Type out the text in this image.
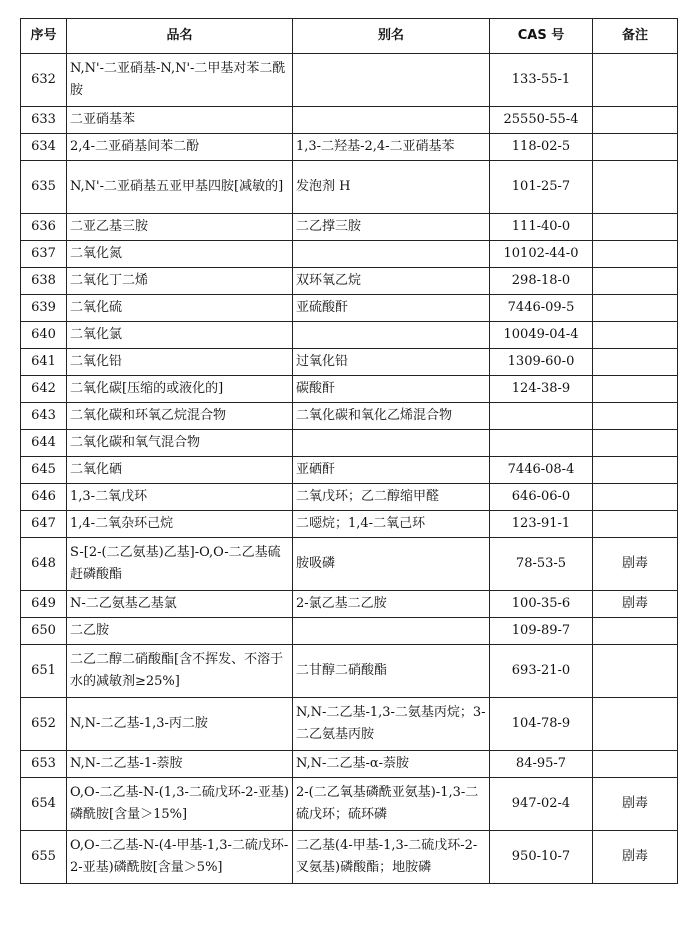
序号	品名	别名	CAS 号	备注
632	N,N'-二亚硝基-N,N'-二甲基对苯二酰胺		133-55-1	
633	二亚硝基苯		25550-55-4	
634	2,4-二亚硝基间苯二酚	1,3-二羟基-2,4-二亚硝基苯	118-02-5	
635	N,N'-二亚硝基五亚甲基四胺[减敏的]	发泡剂 H	101-25-7	
636	二亚乙基三胺	二乙撑三胺	111-40-0	
637	二氧化氮		10102-44-0	
638	二氧化丁二烯	双环氧乙烷	298-18-0	
639	二氧化硫	亚硫酸酐	7446-09-5	
640	二氧化氯		10049-04-4	
641	二氧化铅	过氧化铅	1309-60-0	
642	二氧化碳[压缩的或液化的]	碳酸酐	124-38-9	
643	二氧化碳和环氧乙烷混合物	二氧化碳和氧化乙烯混合物		
644	二氧化碳和氧气混合物			
645	二氧化硒	亚硒酐	7446-08-4	
646	1,3-二氧戊环	二氧戊环；乙二醇缩甲醛	646-06-0	
647	1,4-二氧杂环己烷	二噁烷；1,4-二氧己环	123-91-1	
648	S-[2-(二乙氨基)乙基]-O,O-二乙基硫赶磷酸酯	胺吸磷	78-53-5	剧毒
649	N-二乙氨基乙基氯	2-氯乙基二乙胺	100-35-6	剧毒
650	二乙胺		109-89-7	
651	二乙二醇二硝酸酯[含不挥发、不溶于水的减敏剂≥25%]	二甘醇二硝酸酯	693-21-0	
652	N,N-二乙基-1,3-丙二胺	N,N-二乙基-1,3-二氨基丙烷；3-二乙氨基丙胺	104-78-9	
653	N,N-二乙基-1-萘胺	N,N-二乙基-α-萘胺	84-95-7	
654	O,O-二乙基-N-(1,3-二硫戊环-2-亚基)磷酰胺[含量＞15%]	2-(二乙氧基磷酰亚氨基)-1,3-二硫戊环；硫环磷	947-02-4	剧毒
655	O,O-二乙基-N-(4-甲基-1,3-二硫戊环-2-亚基)磷酰胺[含量＞5%]	二乙基(4-甲基-1,3-二硫戊环-2-叉氨基)磷酸酯；地胺磷	950-10-7	剧毒
